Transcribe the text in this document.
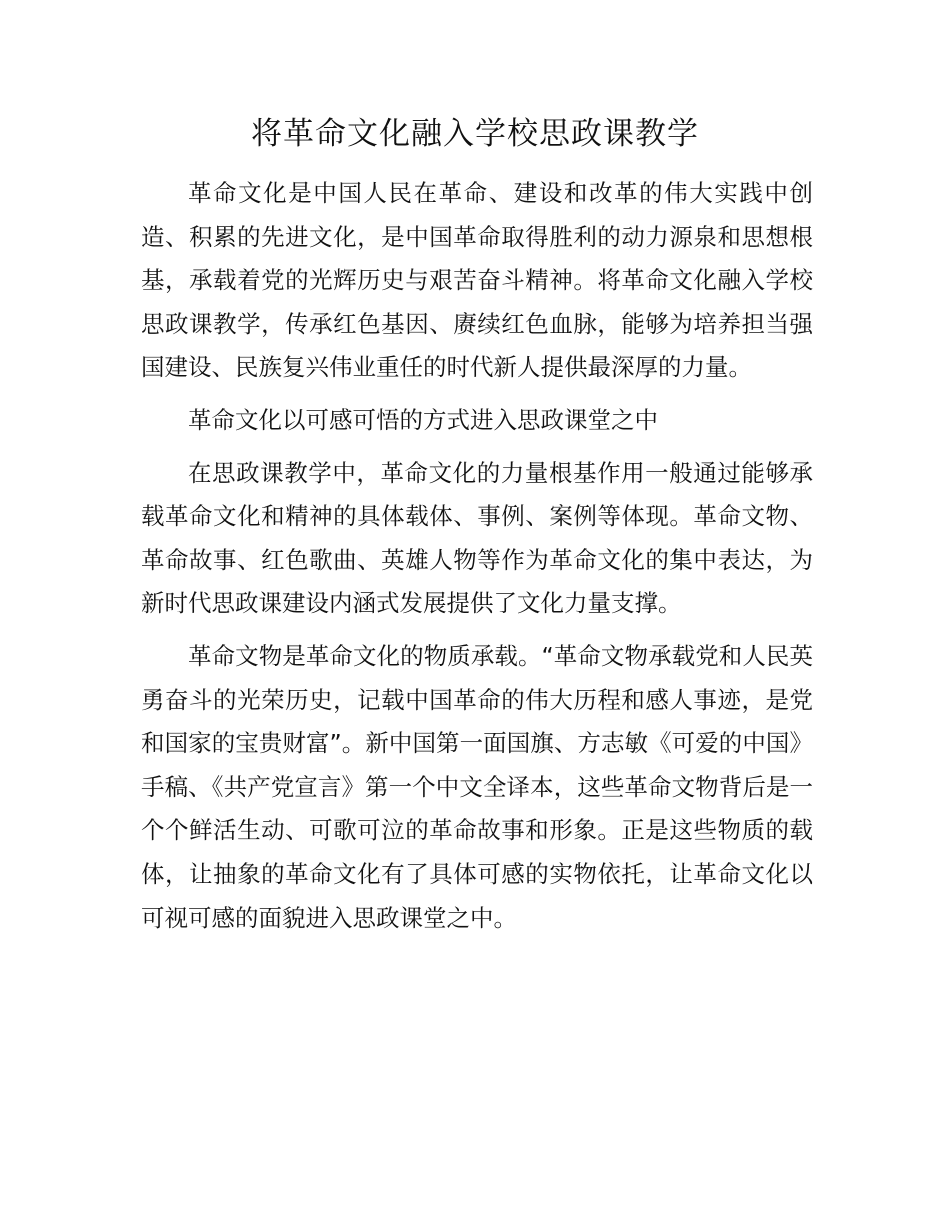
将革命文化融入学校思政课教学

革命文化是中国人民在革命、建设和改革的伟大实践中创造、积累的先进文化，是中国革命取得胜利的动力源泉和思想根基，承载着党的光辉历史与艰苦奋斗精神。将革命文化融入学校思政课教学，传承红色基因、赓续红色血脉，能够为培养担当强国建设、民族复兴伟业重任的时代新人提供最深厚的力量。

革命文化以可感可悟的方式进入思政课堂之中

在思政课教学中，革命文化的力量根基作用一般通过能够承载革命文化和精神的具体载体、事例、案例等体现。革命文物、革命故事、红色歌曲、英雄人物等作为革命文化的集中表达，为新时代思政课建设内涵式发展提供了文化力量支撑。

革命文物是革命文化的物质承载。“革命文物承载党和人民英勇奋斗的光荣历史，记载中国革命的伟大历程和感人事迹，是党和国家的宝贵财富”。新中国第一面国旗、方志敏《可爱的中国》手稿、《共产党宣言》第一个中文全译本，这些革命文物背后是一个个鲜活生动、可歌可泣的革命故事和形象。正是这些物质的载体，让抽象的革命文化有了具体可感的实物依托，让革命文化以可视可感的面貌进入思政课堂之中。
